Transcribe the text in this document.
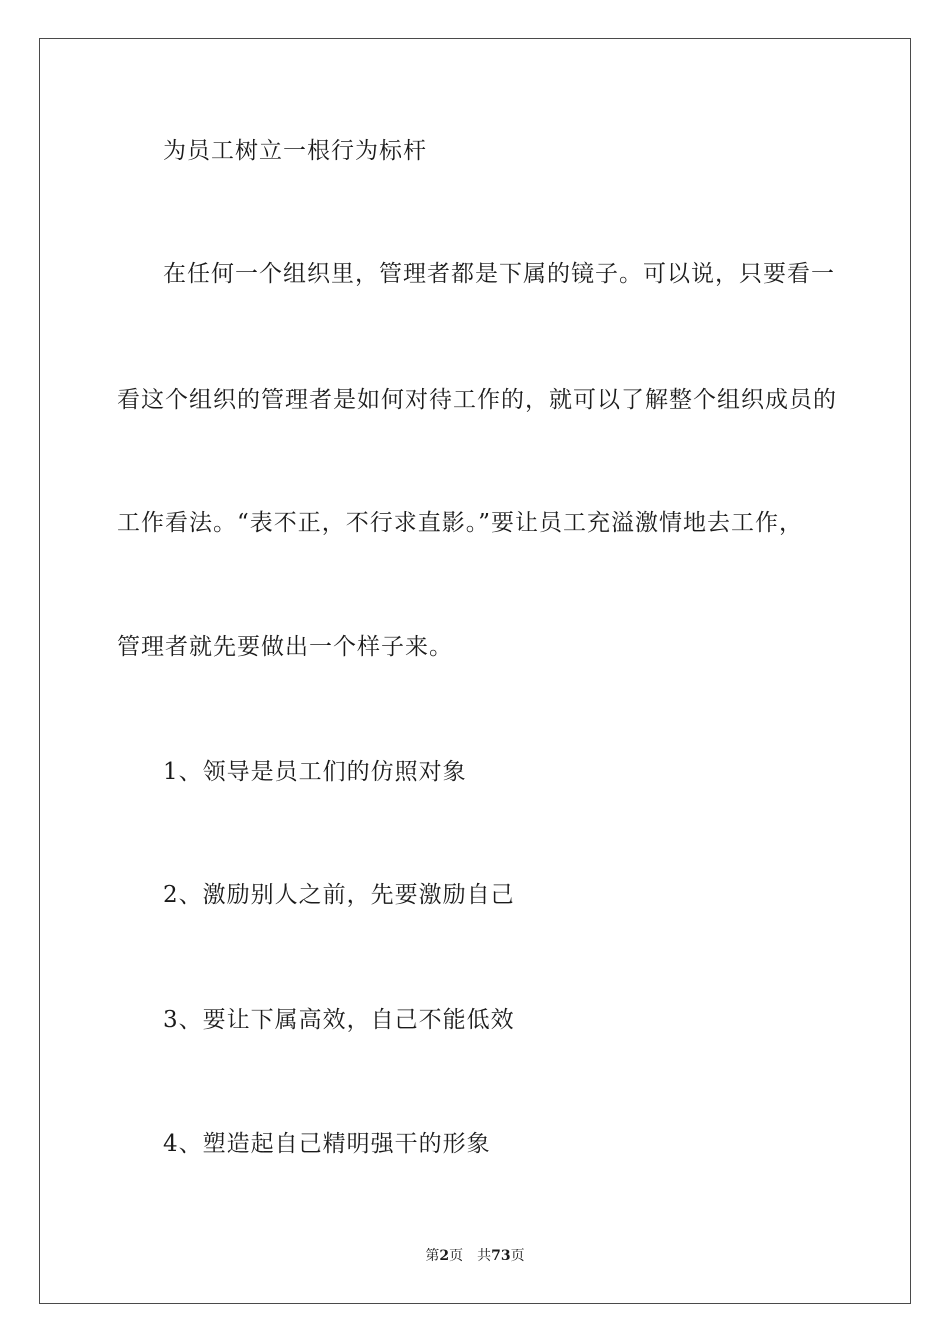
为员工树立一根行为标杆
在任何一个组织里，管理者都是下属的镜子。可以说，只要看一
看这个组织的管理者是如何对待工作的，就可以了解整个组织成员的
工作看法。“表不正，不行求直影。”要让员工充溢激情地去工作，
管理者就先要做出一个样子来。
1、领导是员工们的仿照对象
2、激励别人之前，先要激励自己
3、要让下属高效，自己不能低效
4、塑造起自己精明强干的形象
第2页 共73页
